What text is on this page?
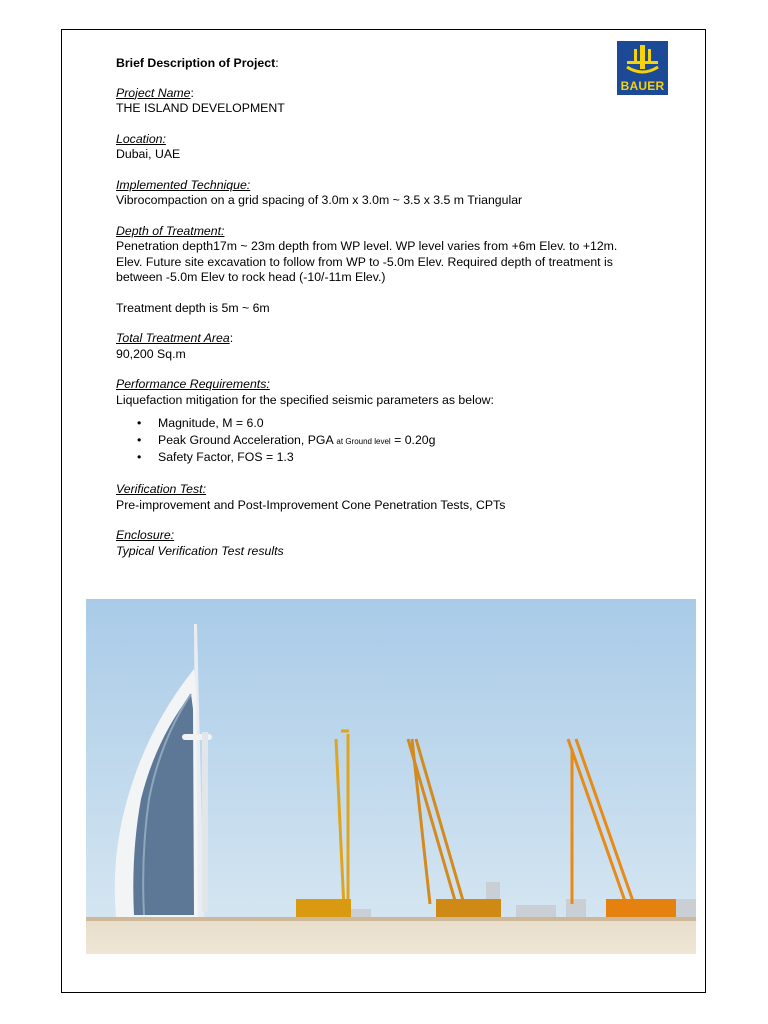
BAUER
Brief Description of Project:
Project Name:
THE ISLAND DEVELOPMENT
Location:
Dubai, UAE
Implemented Technique:
Vibrocompaction on a grid spacing of 3.0m x 3.0m ~ 3.5 x 3.5 m Triangular
Depth of Treatment:
Penetration depth17m ~ 23m depth from WP level. WP level varies from +6m Elev. to +12m.
Elev. Future site excavation to follow from WP to -5.0m Elev. Required depth of treatment is
between -5.0m Elev to rock head (-10/-11m Elev.)
Treatment depth is 5m ~ 6m
Total Treatment Area:
90,200 Sq.m
Performance Requirements:
Liquefaction mitigation for the specified seismic parameters as below:
• Magnitude, M = 6.0
• Peak Ground Acceleration, PGA at Ground level = 0.20g
• Safety Factor, FOS = 1.3
Verification Test:
Pre-improvement and Post-Improvement Cone Penetration Tests, CPTs
Enclosure:
Typical Verification Test results
